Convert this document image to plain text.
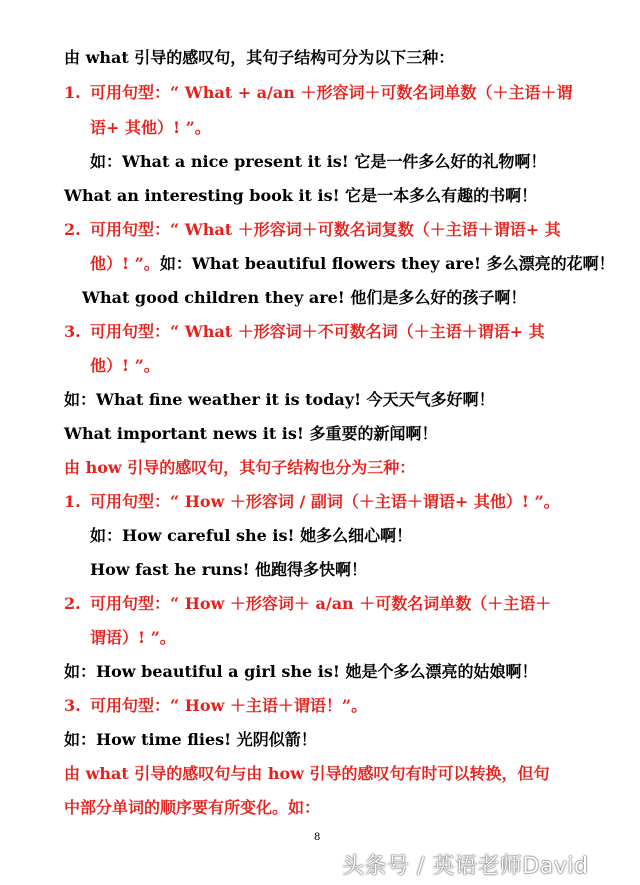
由 what 引导的感叹句，其句子结构可分为以下三种：
1. 可用句型：“ What + a/an ＋形容词＋可数名词单数（＋主语＋谓
语+ 其他）! ”。
如：What a nice present it is! 它是一件多么好的礼物啊！
What an interesting book it is! 它是一本多么有趣的书啊！
2. 可用句型：“ What ＋形容词＋可数名词复数（＋主语＋谓语+ 其
他）! ”。如：What beautiful flowers they are! 多么漂亮的花啊！
What good children they are! 他们是多么好的孩子啊！
3. 可用句型：“ What ＋形容词＋不可数名词（＋主语＋谓语+ 其
他）! ”。
如：What fine weather it is today! 今天天气多好啊！
What important news it is! 多重要的新闻啊！
由 how 引导的感叹句，其句子结构也分为三种：
1. 可用句型：“ How ＋形容词 / 副词（＋主语＋谓语+ 其他）! ”。
如：How careful she is! 她多么细心啊！
How fast he runs! 他跑得多快啊！
2. 可用句型：“ How ＋形容词＋ a/an ＋可数名词单数（＋主语＋
谓语）! ”。
如：How beautiful a girl she is! 她是个多么漂亮的姑娘啊！
3. 可用句型：“ How ＋主语＋谓语！”。
如：How time flies! 光阴似箭！
由 what 引导的感叹句与由 how 引导的感叹句有时可以转换，但句
中部分单词的顺序要有所变化。如：
8
头条号 / 英语老师David
